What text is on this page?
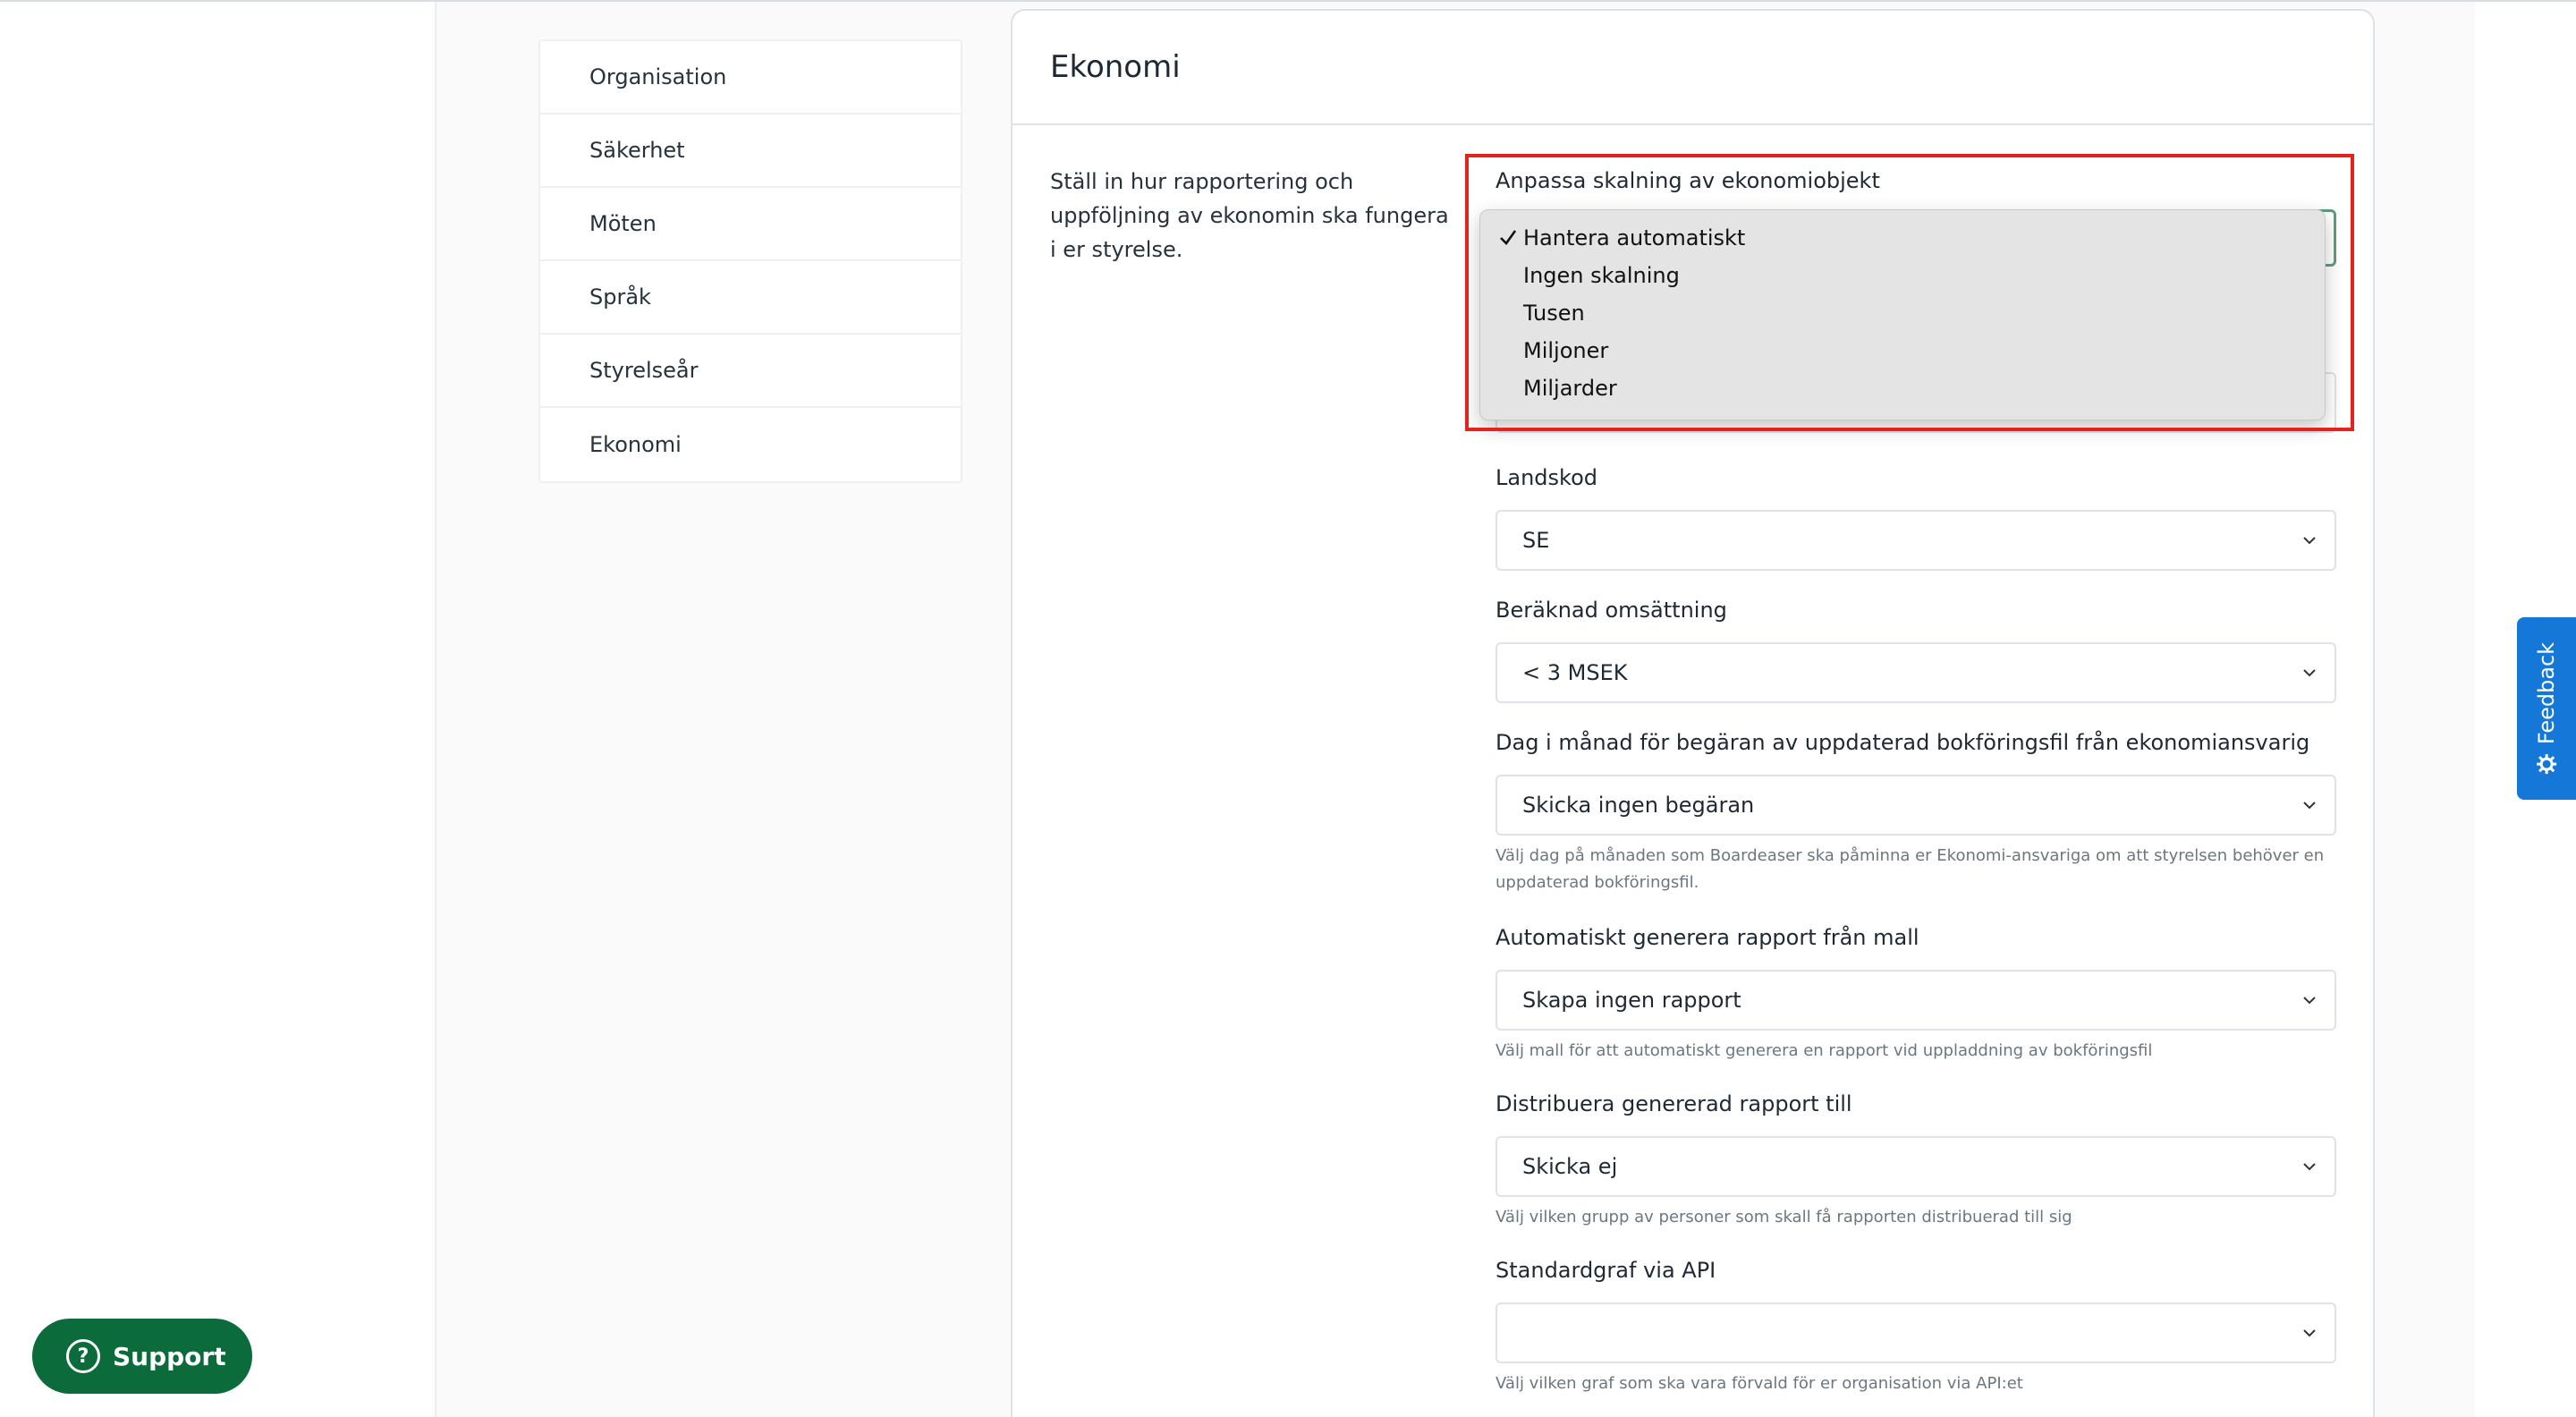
Organisation
Säkerhet
Möten
Språk
Styrelseår
Ekonomi
Ekonomi

Ställ in hur rapportering och uppföljning av ekonomin ska fungera i er styrelse.

Anpassa skalning av ekonomiobjekt
Landskod
SE
Beräknad omsättning
< 3 MSEK
Dag i månad för begäran av uppdaterad bokföringsfil från ekonomiansvarig
Skicka ingen begäran

Välj dag på månaden som Boardeaser ska påminna er Ekonomi-ansvariga om att styrelsen behöver en uppdaterad bokföringsfil.

Automatiskt generera rapport från mall
Skapa ingen rapport

Välj mall för att automatiskt generera en rapport vid uppladdning av bokföringsfil

Distribuera genererad rapport till
Skicka ej

Välj vilken grupp av personer som skall få rapporten distribuerad till sig

Standardgraf via API

Välj vilken graf som ska vara förvald för er organisation via API:et

Hantera automatiskt
Ingen skalning
Tusen
Miljoner
Miljarder
Feedback
? Support
